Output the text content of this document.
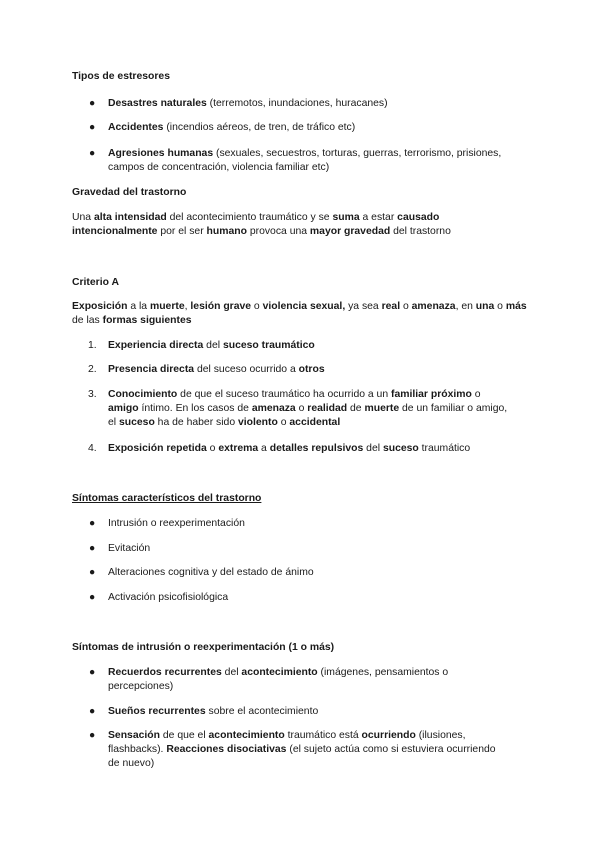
Tipos de estresores
● Desastres naturales (terremotos, inundaciones, huracanes)
● Accidentes (incendios aéreos, de tren, de tráfico etc)
● Agresiones humanas (sexuales, secuestros, torturas, guerras, terrorismo, prisiones, campos de concentración, violencia familiar etc)
Gravedad del trastorno
Una alta intensidad del acontecimiento traumático y se suma a estar causado intencionalmente por el ser humano provoca una mayor gravedad del trastorno
Criterio A
Exposición a la muerte, lesión grave o violencia sexual, ya sea real o amenaza, en una o más de las formas siguientes
1. Experiencia directa del suceso traumático
2. Presencia directa del suceso ocurrido a otros
3. Conocimiento de que el suceso traumático ha ocurrido a un familiar próximo o amigo íntimo. En los casos de amenaza o realidad de muerte de un familiar o amigo, el suceso ha de haber sido violento o accidental
4. Exposición repetida o extrema a detalles repulsivos del suceso traumático
Síntomas característicos del trastorno
● Intrusión o reexperimentación
● Evitación
● Alteraciones cognitiva y del estado de ánimo
● Activación psicofisiológica
Síntomas de intrusión o reexperimentación (1 o más)
● Recuerdos recurrentes del acontecimiento (imágenes, pensamientos o percepciones)
● Sueños recurrentes sobre el acontecimiento
● Sensación de que el acontecimiento traumático está ocurriendo (ilusiones, flashbacks). Reacciones disociativas (el sujeto actúa como si estuviera ocurriendo de nuevo)
